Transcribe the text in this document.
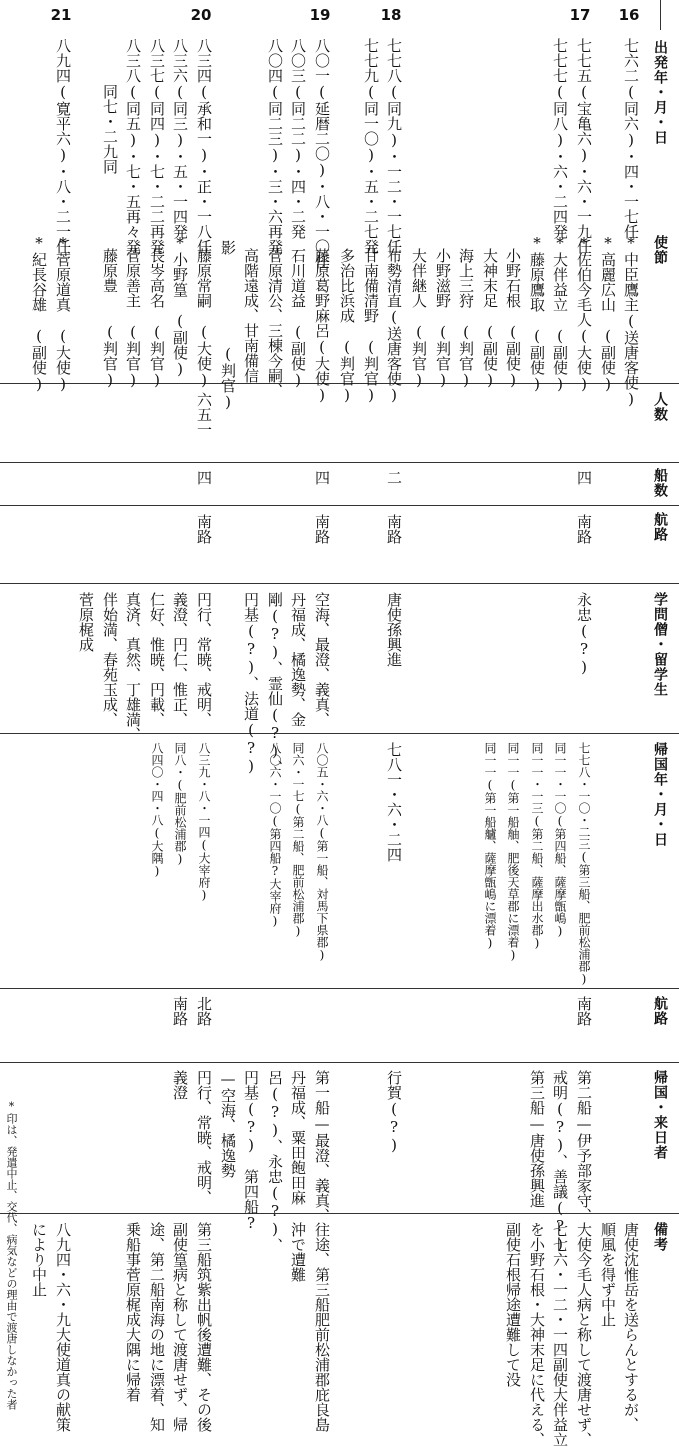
16
17
18
19
20
21
出発年・月・日
使節
人数
船数
航路
学問僧・留学生
帰国年・月・日
航路
帰国・来日者
備考
七六二(同六)・四・一七任
七七五(宝亀六)・六・一九任
七七七(同八)・六・二四発
七七八(同九)・一二・一七任
七七九(同一〇)・五・二七発
八〇一(延暦二〇)・八・一〇任
八〇三(同二二)・四・二発
八〇四(同二三)・三・六再発
八三四(承和一)・正・一八任
八三六(同三)・五・一四発
八三七(同四)・七・二二再発
八三八(同五)・七・五再々発
同七・二九同
八九四(寛平六)・八・二一任
*中臣鷹主(送唐客使)
*高麗広山　(副使)
*佐伯今毛人(大使)
*大伴益立　(副使)
*藤原鷹取　(副使)
小野石根　(副使)
大神末足　(副使)
海上三狩　(判官)
小野滋野　(判官)
大伴継人　(判官)
布勢清直(送唐客使)
甘南備清野　(判官)
多治比浜成　(判官)
藤原葛野麻呂(大使)
石川道益　(副使)
菅原清公、三棟今嗣、
高階遠成、甘南備信
影　　　　　　(判官)
藤原常嗣　(大使)
*小野篁　(副使)
長岑高名　(判官)
菅原善主　(判官)
藤原豊　　(判官)
*菅原道真　(大使)
*紀長谷雄　(副使)
六五一
四
二
四
四
南路
南路
南路
南路
永忠(?)
唐使孫興進
空海、最澄、義真、
丹福成、橘逸勢、金
剛(?)、霊仙(?)、
円基(?)、法道(?)
円行、常暁、戒明、
義澄、円仁、惟正、
仁好、惟暁、円載、
真済、真然、丁雄満、
伴始満、春苑玉成、
菅原梶成
七七八・一〇・二三(第三船、肥前松浦郡)
同一一・一〇(第四船、薩摩甑嶋)
同一一・一三(第二船、薩摩出水郡)
同一一(第一船舳、肥後天草郡に漂着)
同一一(第一船艫、薩摩甑嶋に漂着)
七八一・六・二四
八〇五・六・八(第一船、対馬下県郡)
同六・一七(第二船、肥前松浦郡)
八〇六・一〇(第四船?大宰府)
八三九・八・一四(大宰府)
同八・(肥前松浦郡)
八四〇・四・八(大隅)
南路
北路
南路
第二船—伊予部家守、
戒明(?)、善議(?)
第三船—唐使孫興進
行賀(?)
第一船—最澄、義真、
丹福成、粟田飽田麻
呂(?)、永忠(?)、
円基(?)　第四船?
—空海、橘逸勢
円行、常暁、戒明、
義澄
唐使沈惟岳を送らんとするが、
順風を得ず中止
大使今毛人病と称して渡唐せず、
七七六・一二・一四副使大伴益立
を小野石根・大神末足に代える、
副使石根帰途遭難して没
往途、第三船肥前松浦郡庇良島
沖で遭難
第三船筑紫出帆後遭難、その後
副使篁病と称して渡唐せず、帰
途、第二船南海の地に漂着、知
乗船事菅原梶成大隅に帰着
八九四・六・九大使道真の献策
により中止
*印は、発遣中止、交代、病気などの理由で渡唐しなかった者
